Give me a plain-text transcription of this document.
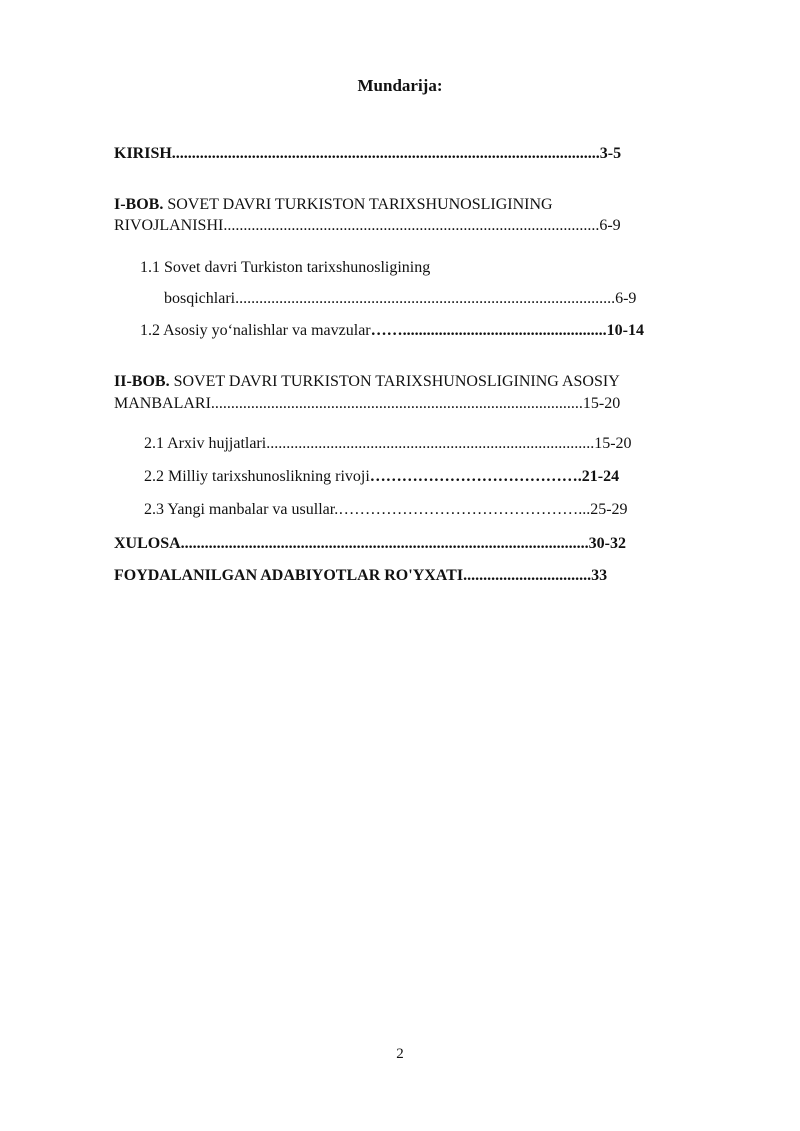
Mundarija:
KIRISH...........................................................................................................3-5
I-BOB. SOVET DAVRI TURKISTON TARIXSHUNOSLIGINING
RIVOJLANISHI..............................................................................................6-9
1.1 Sovet davri Turkiston tarixshunosligining
bosqichlari...............................................................................................6-9
1.2 Asosiy yo‘nalishlar va mavzular……...................................................10-14
II-BOB. SOVET DAVRI TURKISTON TARIXSHUNOSLIGINING ASOSIY
MANBALARI.............................................................................................15-20
2.1 Arxiv hujjatlari..................................................................................15-20
2.2 Milliy tarixshunoslikning rivoji………………………………….21-24
2.3 Yangi manbalar va usullar.………………………………………...25-29
XULOSA......................................................................................................30-32
FOYDALANILGAN ADABIYOTLAR RO'YXATI................................33
2
